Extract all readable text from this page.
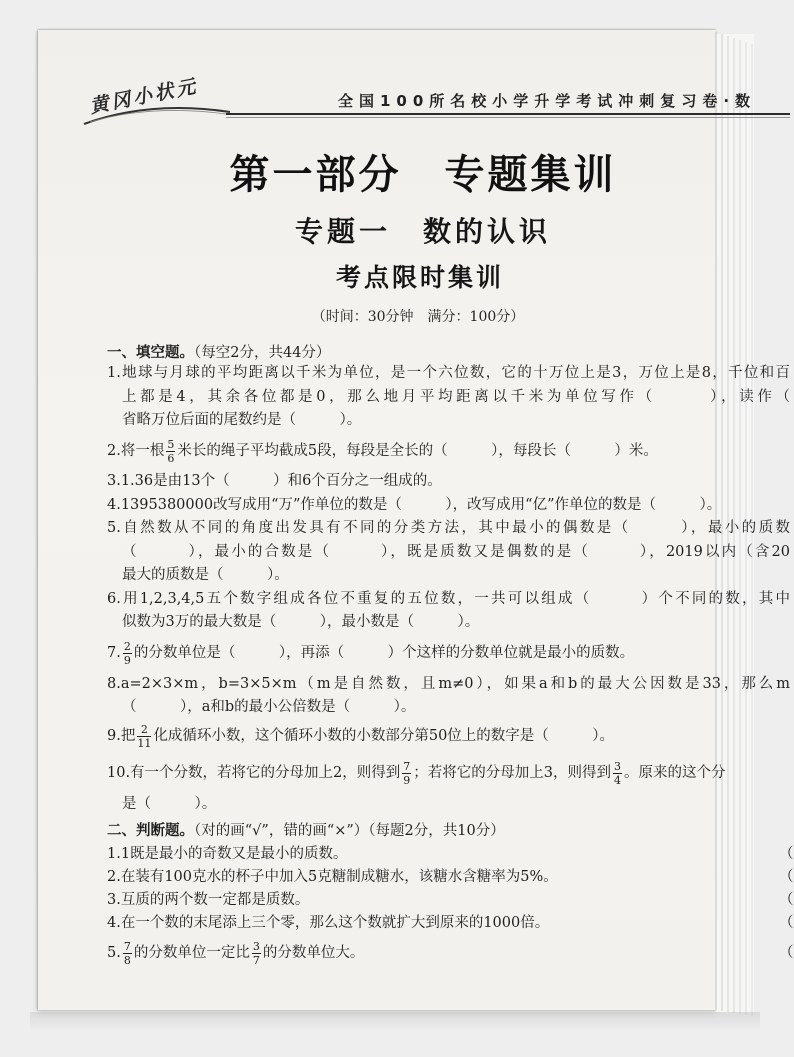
黄冈小状元	全国100所名校小学升学考试冲刺复习卷·数
第一部分　专题集训
专题一　数的认识
考点限时集训
（时间：30分钟　满分：100分）
一、填空题。（每空2分，共44分）
1.地球与月球的平均距离以千米为单位，是一个六位数，它的十万位上是3，万位上是8，千位和百
上都是4，其余各位都是0，那么地月平均距离以千米为单位写作（　　　），读作（
省略万位后面的尾数约是（　　　）。
2.将一根 $\frac{5}{6}$ 米长的绳子平均截成5段，每段是全长的（　　　），每段长（　　　）米。
3.1.36是由13个（　　　）和6个百分之一组成的。
4.1395380000改写成用“万”作单位的数是（　　　），改写成用“亿”作单位的数是（　　　）。
5.自然数从不同的角度出发具有不同的分类方法，其中最小的偶数是（　　　），最小的质数
（　　　），最小的合数是（　　　），既是质数又是偶数的是（　　　），2019以内（含20
最大的质数是（　　　）。
6.用1,2,3,4,5五个数字组成各位不重复的五位数，一共可以组成（　　　）个不同的数，其中
似数为3万的最大数是（　　　），最小数是（　　　）。
7. $\frac{2}{9}$ 的分数单位是（　　　），再添（　　　）个这样的分数单位就是最小的质数。
8.a=2×3×m，b=3×5×m（m是自然数，且m≠0），如果a和b的最大公因数是33，那么m
（　　　），a和b的最小公倍数是（　　　）。
9.把 $\frac{2}{11}$ 化成循环小数，这个循环小数的小数部分第50位上的数字是（　　　）。
10.有一个分数，若将它的分母加上2，则得到 $\frac{7}{9}$ ；若将它的分母加上3，则得到 $\frac{3}{4}$ 。原来的这个分
是（　　　）。
二、判断题。（对的画“√”，错的画“×”）（每题2分，共10分）
1.1既是最小的奇数又是最小的质数。	（
2.在装有100克水的杯子中加入5克糖制成糖水，该糖水含糖率为5%。	（
3.互质的两个数一定都是质数。	（
4.在一个数的末尾添上三个零，那么这个数就扩大到原来的1000倍。	（
5. $\frac{7}{8}$ 的分数单位一定比 $\frac{3}{7}$ 的分数单位大。	（
